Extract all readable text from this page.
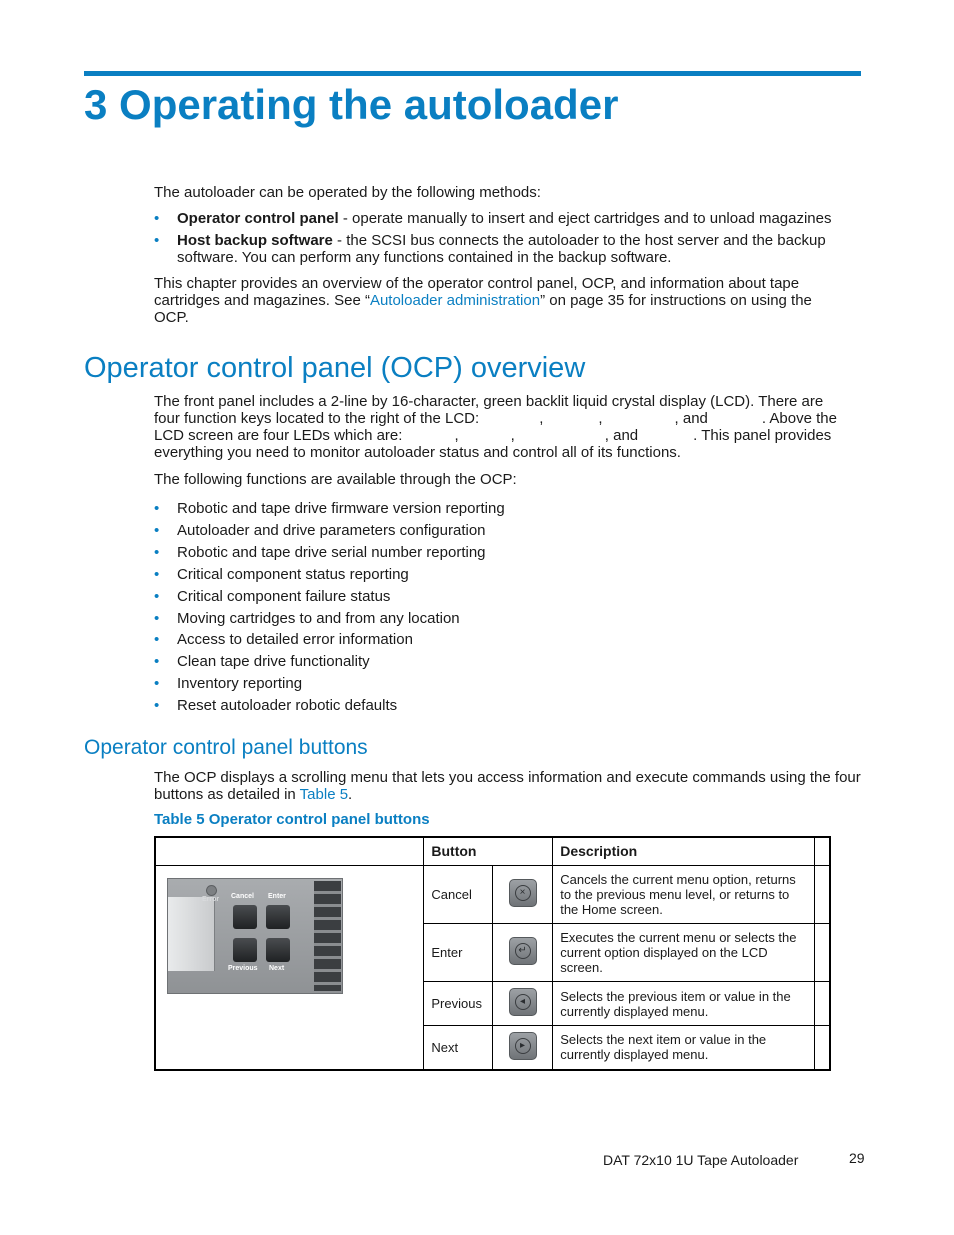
3 Operating the autoloader
The autoloader can be operated by the following methods:
• Operator control panel - operate manually to insert and eject cartridges and to unload magazines
• Host backup software - the SCSI bus connects the autoloader to the host server and the backup software. You can perform any functions contained in the backup software.
This chapter provides an overview of the operator control panel, OCP, and information about tape cartridges and magazines. See “Autoloader administration” on page 35 for instructions on using the OCP.
Operator control panel (OCP) overview
The front panel includes a 2-line by 16-character, green backlit liquid crystal display (LCD). There are four function keys located to the right of the LCD:	,	,	, and	. Above the LCD screen are four LEDs which are:	,	,	, and	. This panel provides everything you need to monitor autoloader status and control all of its functions.
The following functions are available through the OCP:
• Robotic and tape drive firmware version reporting
• Autoloader and drive parameters configuration
• Robotic and tape drive serial number reporting
• Critical component status reporting
• Critical component failure status
• Moving cartridges to and from any location
• Access to detailed error information
• Clean tape drive functionality
• Inventory reporting
• Reset autoloader robotic defaults
Operator control panel buttons
The OCP displays a scrolling menu that lets you access information and execute commands using the four buttons as detailed in Table 5.
Table 5 Operator control panel buttons
	Button		Description	

Error Cancel Enter
Previous Next	Cancel	×	Cancels the current menu option, returns to the previous menu level, or returns to the Home screen.	
	Enter	↵	Executes the current menu or selects the current option displayed on the LCD screen.	
	Previous	◂	Selects the previous item or value in the currently displayed menu.	
	Next	▸	Selects the next item or value in the currently displayed menu.	
DAT 72x10 1U Tape Autoloader	29
